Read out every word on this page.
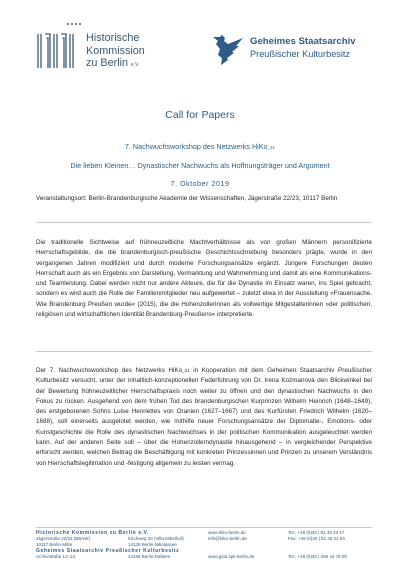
Historische
Kommission
zu Berlin e.V.
Geheimes Staatsarchiv
Preußischer Kulturbesitz
Call for Papers
7. Nachwuchsworkshop des Netzwerks HiKo_21
Die lieben Kleinen… Dynastischer Nachwuchs als Hoffnungsträger und Argument
7. Oktober 2019
Veranstaltungsort: Berlin-Brandenburgische Akademie der Wissenschaften, Jägerstraße 22/23, 10117 Berlin

Die traditionelle Sichtweise auf frühneuzeitliche Machtverhältnisse als von großen Männern personifizierte Herrschaftsgebilde, die die brandenburgisch-preußische Geschichtsschreibung besonders prägte, wurde in den vergangenen Jahren modifiziert und durch moderne Forschungsansätze ergänzt. Jüngere Forschungen deuten Herrschaft auch als ein Ergebnis von Darstellung, Vermarktung und Wahrnehmung und damit als eine Kommunikations- und Teamleistung. Dabei werden nicht nur andere Akteure, die für die Dynastie im Einsatz waren, ins Spiel gebracht, sondern es wird auch die Rolle der Familienmitglieder neu aufgewertet – zuletzt etwa in der Ausstellung »Frauensache. Wie Brandenburg Preußen wurde« (2015), die die Hohenzollerinnen als vollwertige Mitgestalterinnen »der politischen, religiösen und wirtschaftlichen Identität Brandenburg-Preußens« interpretierte.

Der 7. Nachwuchsworkshop des Netzwerks HiKo_21 in Kooperation mit dem Geheimen Staatsarchiv Preußischer Kulturbesitz versucht, unter der inhaltlich-konzeptionellen Federführung von Dr. Irena Kozmanová den Blickwinkel bei der Bewertung frühneuzeitlicher Herrschaftspraxis noch weiter zu öffnen und den dynastischen Nachwuchs in den Fokus zu rücken. Ausgehend von dem frühen Tod des brandenburgischen Kurprinzen Wilhelm Heinrich (1648–1649), des erstgeborenen Sohns Luise Henriettes von Oranien (1627–1667) und des Kurfürsten Friedrich Wilhelm (1620–1688), soll einerseits ausgelotet werden, wie mithilfe neuer Forschungsansätze der Diplomatie-, Emotions- oder Kunstgeschichte die Rolle des dynastischen Nachwuchses in der politischen Kommunikation ausgeleuchtet werden kann. Auf der anderen Seite soll – über die Hohenzollerndynastie hinausgehend – in vergleichender Perspektive erforscht werden, welchen Beitrag die Beschäftigung mit konkreten Prinzessinnen und Prinzen zu unserem Verständnis von Herrschaftslegitimation und -festigung allgemein zu leisten vermag.

Historische Kommission zu Berlin e.V.
Jägerstraße 22/23 (BBAW)
10117 Berlin-Mitte
Kirchweg 33 (Villa Mittelhof)
14129 Berlin-Nikolassee
www.hiko-berlin.de
info@hiko-berlin.de
Tel.: +49 (0)30 | 81 45 43 17
Fax: +49 (0)30 | 81 45 22 94
Geheimes Staatsarchiv Preußischer Kulturbesitz
Archivstraße 12–14	14195 Berlin-Dahlem	www.gsta.spk-berlin.de	Tel.: +49 (0)30 | 266 44 75 00
